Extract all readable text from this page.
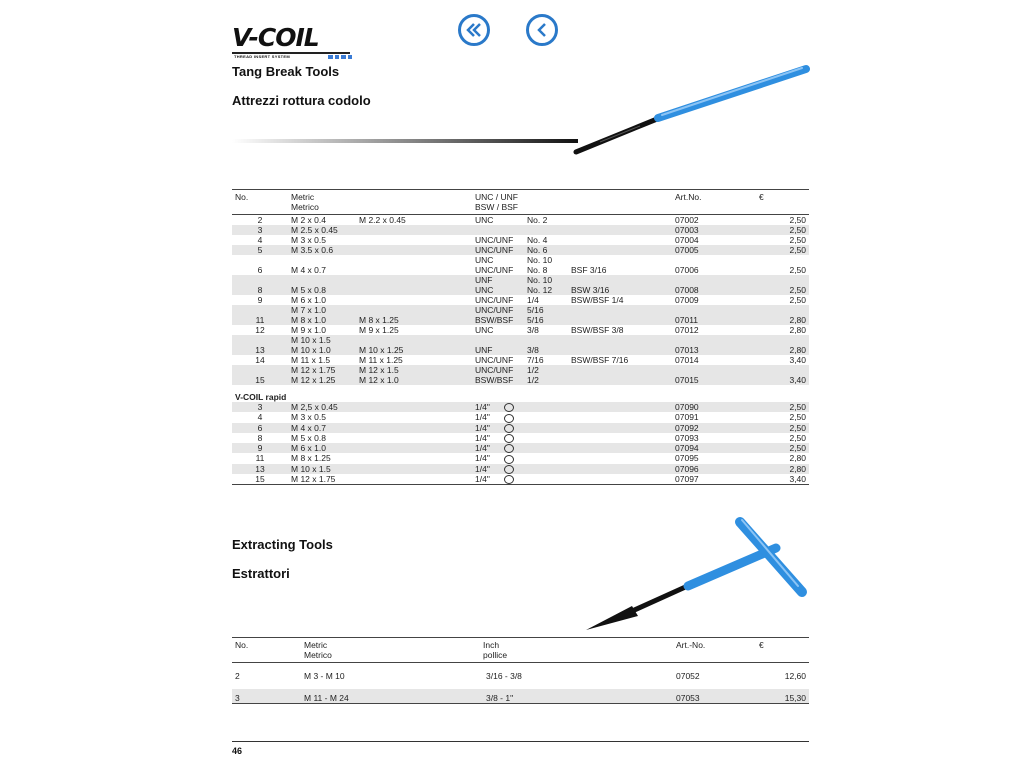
V-COIL
THREAD INSERT SYSTEM
Tang Break Tools
Attrezzi rottura codolo
No.	Metric		UNC / UNF			Art.No.	€
	Metrico		BSW / BSF				
2	M 2 x 0.4	M 2.2 x 0.45	UNC	No. 2		07002	2,50
3	M 2.5 x 0.45					07003	2,50
4	M 3 x 0.5		UNC/UNF	No. 4		07004	2,50
5	M 3.5 x 0.6		UNC/UNF	No. 6		07005	2,50
			UNC	No. 10			
6	M 4 x 0.7		UNC/UNF	No. 8	BSF 3/16	07006	2,50
			UNF	No. 10			
8	M 5 x 0.8		UNC	No. 12	BSW 3/16	07008	2,50
9	M 6 x 1.0		UNC/UNF	1/4	BSW/BSF 1/4	07009	2,50
	M 7 x 1.0		UNC/UNF	5/16			
11	M 8 x 1.0	M 8 x 1.25	BSW/BSF	5/16		07011	2,80
12	M 9 x 1.0	M 9 x 1.25	UNC	3/8	BSW/BSF 3/8	07012	2,80
	M 10 x 1.5						
13	M 10 x 1.0	M 10 x 1.25	UNF	3/8		07013	2,80
14	M 11 x 1.5	M 11 x 1.25	UNC/UNF	7/16	BSW/BSF 7/16	07014	3,40
	M 12 x 1.75	M 12 x 1.5	UNC/UNF	1/2			
15	M 12 x 1.25	M 12 x 1.0	BSW/BSF	1/2		07015	3,40
V-COIL rapid							
3	M 2,5 x 0.45		1/4"			07090	2,50
4	M 3 x 0.5		1/4"			07091	2,50
6	M 4 x 0.7		1/4"			07092	2,50
8	M 5 x 0.8		1/4"			07093	2,50
9	M 6 x 1.0		1/4"			07094	2,50
11	M 8 x 1.25		1/4"			07095	2,80
13	M 10 x 1.5		1/4"			07096	2,80
15	M 12 x 1.75		1/4"			07097	3,40
Extracting Tools
Estrattori
No.	Metric	Inch	Art.-No.	€
	Metrico	pollice		

2	M 3 - M 10	3/16 - 3/8	07052	12,60

3	M 11 - M 24	3/8 - 1"	07053	15,30
46
